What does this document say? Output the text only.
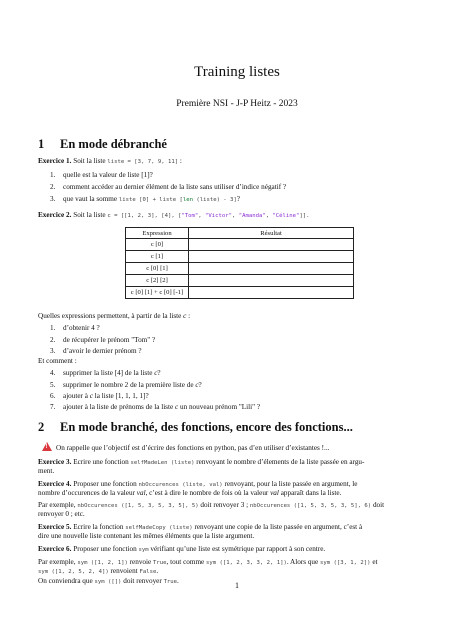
Training listes
Première NSI - J-P Heitz - 2023
1 En mode débranché
Exercice 1. Soit la liste liste = [3, 7, 9, 11] :
1. quelle est la valeur de liste [1]?
2. comment accéder au dernier élément de la liste sans utiliser d’indice négatif ?
3. que vaut la somme liste [0] + liste [len (liste) - 3]?
Exercice 2. Soit la liste c = [[1, 2, 3], [4], ["Tom", "Victor", "Amanda", "Céline"]].
Expression	Résultat
c [0]	
c [1]	
c [0] [1]	
c [2] [2]	
c [0] [1] + c [0] [-1]	
Quelles expressions permettent, à partir de la liste c :
1. d’obtenir 4 ?
2. de récupérer le prénom "Tom" ?
3. d’avoir le dernier prénom ?
Et comment :
4. supprimer la liste [4] de la liste c?
5. supprimer le nombre 2 de la première liste de c?
6. ajouter à c la liste [1, 1, 1, 1]?
7. ajouter à la liste de prénoms de la liste c un nouveau prénom "Lili" ?
2 En mode branché, des fonctions, encore des fonctions...
! On rappelle que l’objectif est d’écrire des fonctions en python, pas d’en utiliser d’existantes !...
Exercice 3. Ecrire une fonction selfMadeLen (liste) renvoyant le nombre d’élements de la liste passée en argu-
ment.
Exercice 4. Proposer une fonction nbOccurences (liste, val) renvoyant, pour la liste passée en argument, le
nombre d’occurences de la valeur val, c’est à dire le nombre de fois où la valeur val apparaît dans la liste.
Par exemple, nbOccurences ([1, 5, 3, 5, 3, 5], 5) doit renvoyer 3 ; nbOccurences ([1, 5, 3, 5, 3, 5], 6) doit
renvoyer 0 ; etc.
Exercice 5. Ecrire la fonction selfMadeCopy (liste) renvoyant une copie de la liste passée en argument, c’est à
dire une nouvelle liste contenant les mêmes éléments que la liste argument.
Exercice 6. Proposer une fonction sym vérifiant qu’une liste est symétrique par rapport à son centre.
Par exemple, sym ([1, 2, 1]) renvoie True, tout comme sym ([1, 2, 3, 3, 2, 1]). Alors que sym ([3, 1, 2]) et
sym ([1, 2, 5, 2, 4]) renvoient False.
On conviendra que sym ([]) doit renvoyer True.	1
